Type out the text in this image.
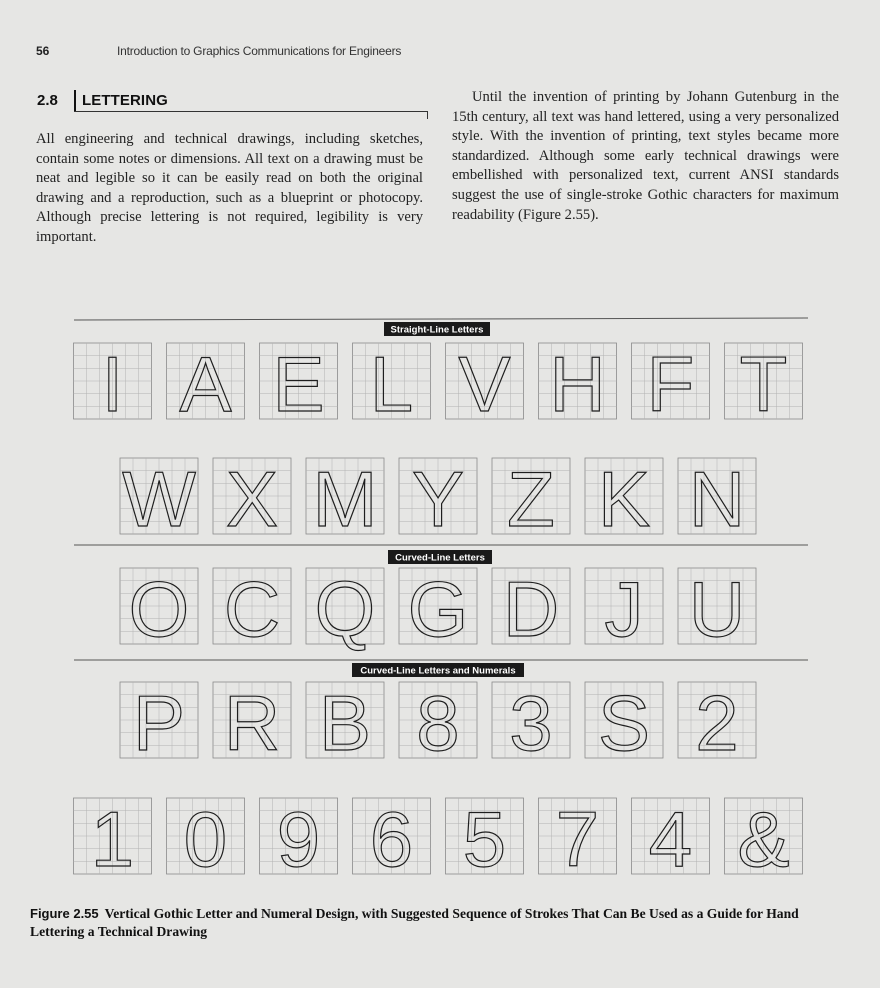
56	Introduction to Graphics Communications for Engineers
2.8 LETTERING

All engineering and technical drawings, including sketches, contain some notes or dimensions. All text on a drawing must be neat and legible so it can be easily read on both the original drawing and a reproduction, such as a blueprint or photocopy. Although precise lettering is not required, legibility is very important.

Until the invention of printing by Johann Gutenburg in the 15th century, all text was hand lettered, using a very personalized style. With the invention of printing, text styles became more standardized. Although some early technical drawings were embellished with personalized text, current ANSI standards suggest the use of single-stroke Gothic characters for maximum readability (Figure 2.55).

Straight-Line Letters
Curved-Line Letters
Curved-Line Letters and Numerals
I A E L V H F T
W X M Y Z K N
O C Q G D J U
P R B 8 3 S 2
1 0 9 6 5 7 4 &

Figure 2.55 Vertical Gothic Letter and Numeral Design, with Suggested Sequence of Strokes That Can Be Used as a Guide for Hand Lettering a Technical Drawing
